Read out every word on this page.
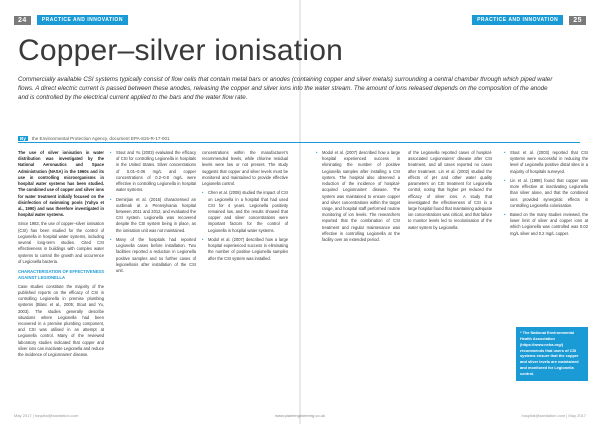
24	PRACTICE AND INNOVATION
May 2017 | hospital@sanitation.com
PRACTICE AND INNOVATION	25
hospital@sanitation.com | May 2017
Copper–silver ionisation
Commercially available CSI systems typically consist of flow cells that contain metal bars or anodes (containing copper and silver metals) surrounding a central chamber through which piped water flows. A direct electric current is passed between these anodes, releasing the copper and silver ions into the water stream. The amount of ions released depends on the composition of the anode and is controlled by the electrical current applied to the bars and the water flow rate.
By	the Environmental Protection Agency, document EPA-815-R-17-001

The use of silver ionisation in water distribution was investigated by the National Aeronautics and Space Administration (NASA) in the 1960s and its use in controlling microorganisms in hospital water systems has been studied. The combined use of copper and silver ions for water treatment initially focused on the disinfection of swimming pools (Yahya et al., 1990) and was therefore investigated in hospital water systems.

Since 1983, the use of copper–silver ionisation (CSI) has been studied for the control of Legionella in hospital water systems, including several long-term studies. Cited CSI effectiveness in buildings with complex water systems to control the growth and occurrence of Legionella bacteria.

CHARACTERISATION OF EFFECTIVENESS AGAINST LEGIONELLA

Case studies constitute the majority of the published reports on the efficacy of CSI in controlling Legionella in premise plumbing systems (Blanc et al., 2005; Stout and Yu, 2003). The studies generally describe situations where Legionella had been recovered in a premise plumbing component, and CSI was utilised in an attempt at Legionella control. Many of the reviewed laboratory studies indicated that copper and silver ions can inactivate Legionella and reduce the incidence of Legionnaires' disease.

• Stout and Yu (2003) evaluated the efficacy of CSI for controlling Legionella in hospitals in the United States. Silver concentrations of 0.01–0.06 mg/L and copper concentrations of 0.2–0.8 mg/L were effective in controlling Legionella in hospital water systems.

• Demirjian et al. (2015) characterised an outbreak at a Pennsylvania hospital between 2011 and 2012, and evaluated the CSI system. Legionella was recovered despite the CSI system being in place, as the ionisation unit was not maintained.

• Many of the hospitals had reported Legionella cases before installation. Two facilities reported a reduction in Legionella positive samples and no further cases of legionellosis after installation of the CSI unit.

concentrations within the manufacturer's recommended levels, while chlorine residual levels were low or not present. The study suggests that copper and silver levels must be monitored and maintained to provide effective Legionella control.

• Chen et al. (2008) studied the impact of CSI on Legionella in a hospital that had used CSI for 4 years. Legionella positivity remained low, and the results showed that copper and silver concentrations were important factors for the control of Legionella in hospital water systems.

• Modol et al. (2007) described how a large hospital experienced success in eliminating the number of positive Legionella samples after the CSI system was installed.

• Modol et al. (2007) described how a large hospital experienced success in eliminating the number of positive Legionella samples after installing a CSI system. The hospital also observed a reduction of the incidence of hospital-acquired Legionnaires' disease. The system was maintained to ensure copper and silver concentrations within the target range, and hospital staff performed routine monitoring of ion levels. The researchers reported that the combination of CSI treatment and regular maintenance was effective in controlling Legionella at the facility over an extended period.

of the Legionella reported cases of hospital-associated Legionnaires' disease after CSI treatment, and all cases reported no cases after treatment. Lin et al. (2002) studied the effects of pH and other water quality parameters on CSI treatment for Legionella control, noting that higher pH reduced the efficacy of silver ions. A study that investigated the effectiveness of CSI in a large hospital found that maintaining adequate ion concentrations was critical, and that failure to monitor levels led to recolonisation of the water system by Legionella.

• Stout et al. (2003) reported that CSI systems were successful in reducing the level of Legionella positive distal sites in a majority of hospitals surveyed.

• Lin et al. (1998) found that copper was more effective at inactivating Legionella than silver alone, and that the combined ions provided synergistic effects in controlling Legionella colonisation.

• Based on the many studies reviewed, the lower limit of silver and copper ions at which Legionella was controlled was 0.02 mg/L silver and 0.2 mg/L copper.

* The National Environmental Health Association (https://www.neha.org/) recommends that users of CSI systems ensure that the copper and silver levels are maintained and monitored for Legionella control.
www.plantengineering.co.uk
